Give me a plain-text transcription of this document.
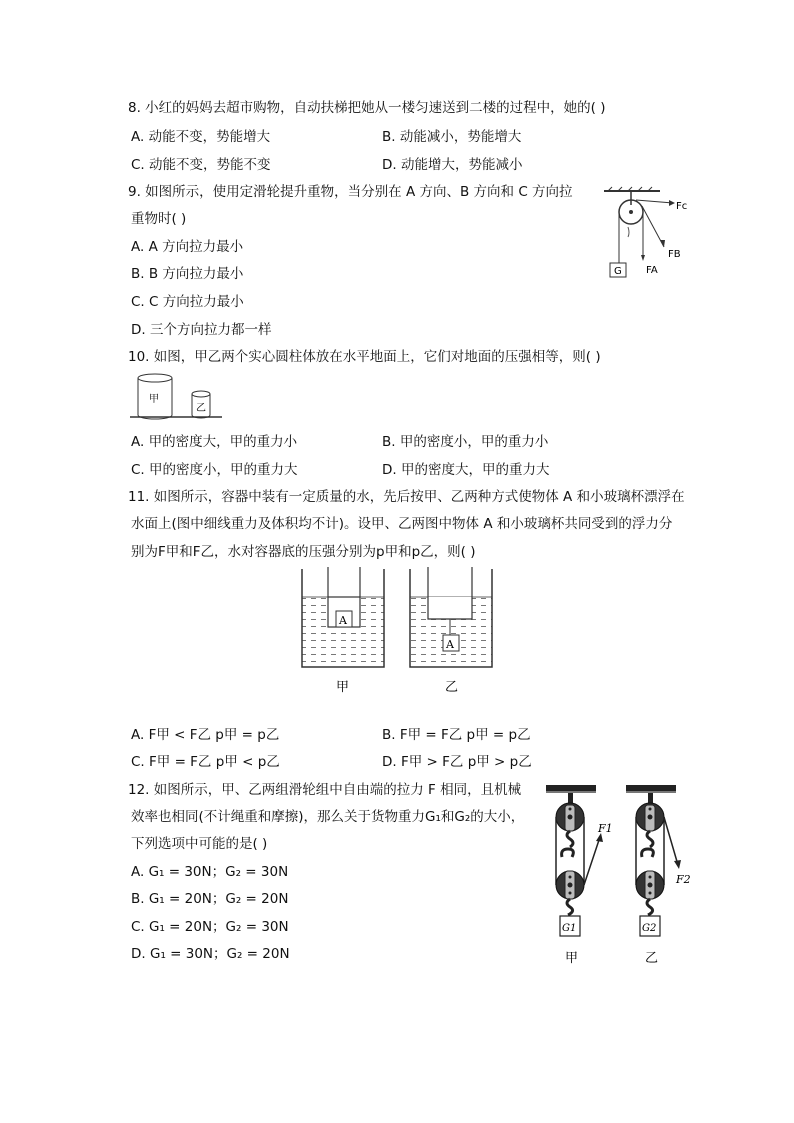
8. 小红的妈妈去超市购物，自动扶梯把她从一楼匀速送到二楼的过程中，她的( )
A. 动能不变，势能增大	B. 动能减小，势能增大
C. 动能不变，势能不变	D. 动能增大，势能减小
9. 如图所示，使用定滑轮提升重物，当分别在 A 方向、B 方向和 C 方向拉
重物时( )
A. A 方向拉力最小
B. B 方向拉力最小
C. C 方向拉力最小
D. 三个方向拉力都一样
Fc
FB
FA
G
10. 如图，甲乙两个实心圆柱体放在水平地面上，它们对地面的压强相等，则( )
甲
乙
A. 甲的密度大，甲的重力小	B. 甲的密度小，甲的重力小
C. 甲的密度小，甲的重力大	D. 甲的密度大，甲的重力大
11. 如图所示，容器中装有一定质量的水，先后按甲、乙两种方式使物体 A 和小玻璃杯漂浮在
水面上(图中细线重力及体积均不计)。设甲、乙两图中物体 A 和小玻璃杯共同受到的浮力分
别为F甲和F乙，水对容器底的压强分别为p甲和p乙，则( )
A
A
甲	乙
A. F甲 < F乙 p甲 = p乙	B. F甲 = F乙 p甲 = p乙
C. F甲 = F乙 p甲 < p乙	D. F甲 > F乙 p甲 > p乙
12. 如图所示，甲、乙两组滑轮组中自由端的拉力 F 相同，且机械
效率也相同(不计绳重和摩擦)，那么关于货物重力G₁和G₂的大小，
下列选项中可能的是( )
A. G₁ = 30N；G₂ = 30N
B. G₁ = 20N；G₂ = 20N
C. G₁ = 20N；G₂ = 30N
D. G₁ = 30N；G₂ = 20N
F1
G1
甲
F2
G2
乙
